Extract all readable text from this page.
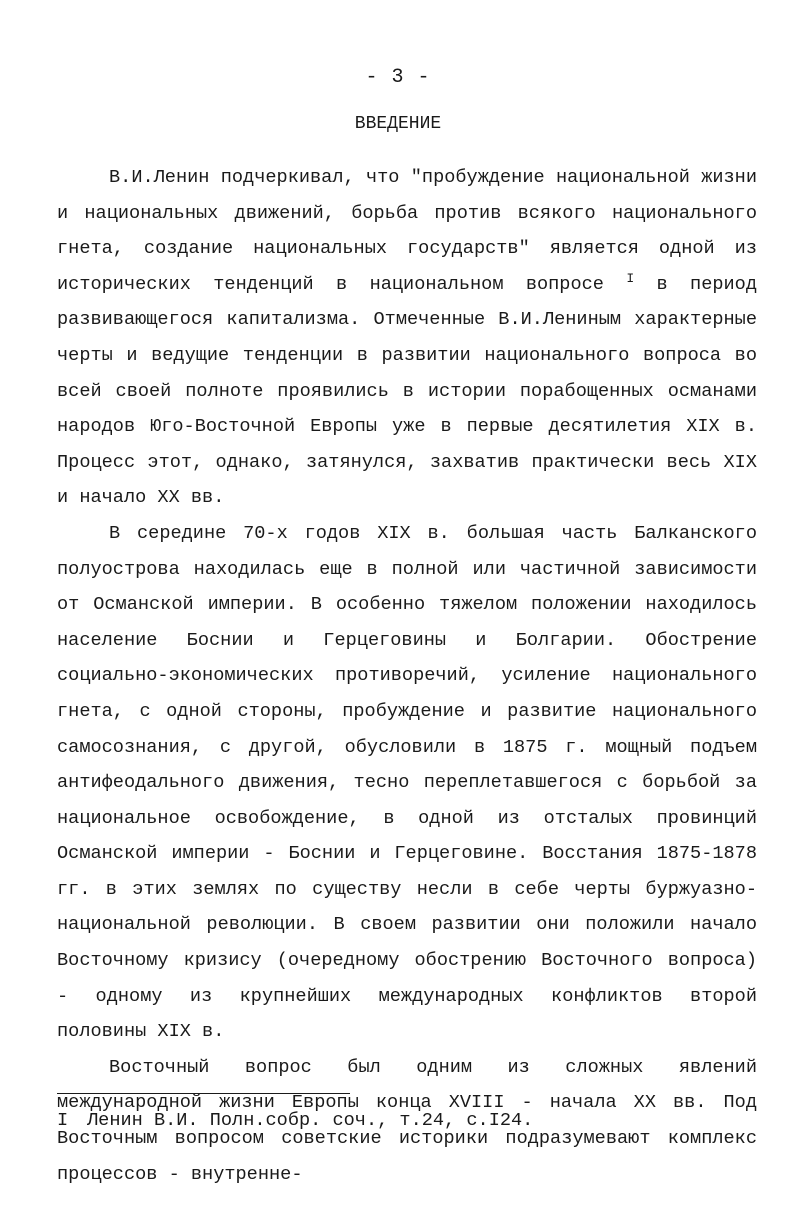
- 3 -
ВВЕДЕНИЕ

В.И.Ленин подчеркивал, что "пробуждение национальной жизни и национальных движений, борьба против всякого национального гнета, создание национальных государств" является одной из исторических тенденций в национальном вопросе $^I$ в период развивающегося капитализма. Отмеченные В.И.Лениным характерные черты и ведущие тенденции в развитии национального вопроса во всей своей полноте проявились в истории порабощенных османами народов Юго-Восточной Европы уже в первые десятилетия XIX в. Процесс этот, однако, затянулся, захватив практически весь XIX и начало XX вв.

В середине 70-х годов XIX в. большая часть Балканского полуострова находилась еще в полной или частичной зависимости от Османской империи. В особенно тяжелом положении находилось население Боснии и Герцеговины и Болгарии. Обострение социально-экономических противоречий, усиление национального гнета, с одной стороны, пробуждение и развитие национального самосознания, с другой, обусловили в 1875 г. мощный подъем антифеодального движения, тесно переплетавшегося с борьбой за национальное освобождение, в одной из отсталых провинций Османской империи - Боснии и Герцеговине. Восстания 1875-1878 гг. в этих землях по существу несли в себе черты буржуазно-национальной революции. В своем развитии они положили начало Восточному кризису (очередному обострению Восточного вопроса) - одному из крупнейших международных конфликтов второй половины XIX в.

Восточный вопрос был одним из сложных явлений международной жизни Европы конца XVIII - начала XX вв. Под Восточным вопросом советские историки подразумевают комплекс процессов - внутренне-

I Ленин В.И. Полн.собр. соч., т.24, с.I24.
